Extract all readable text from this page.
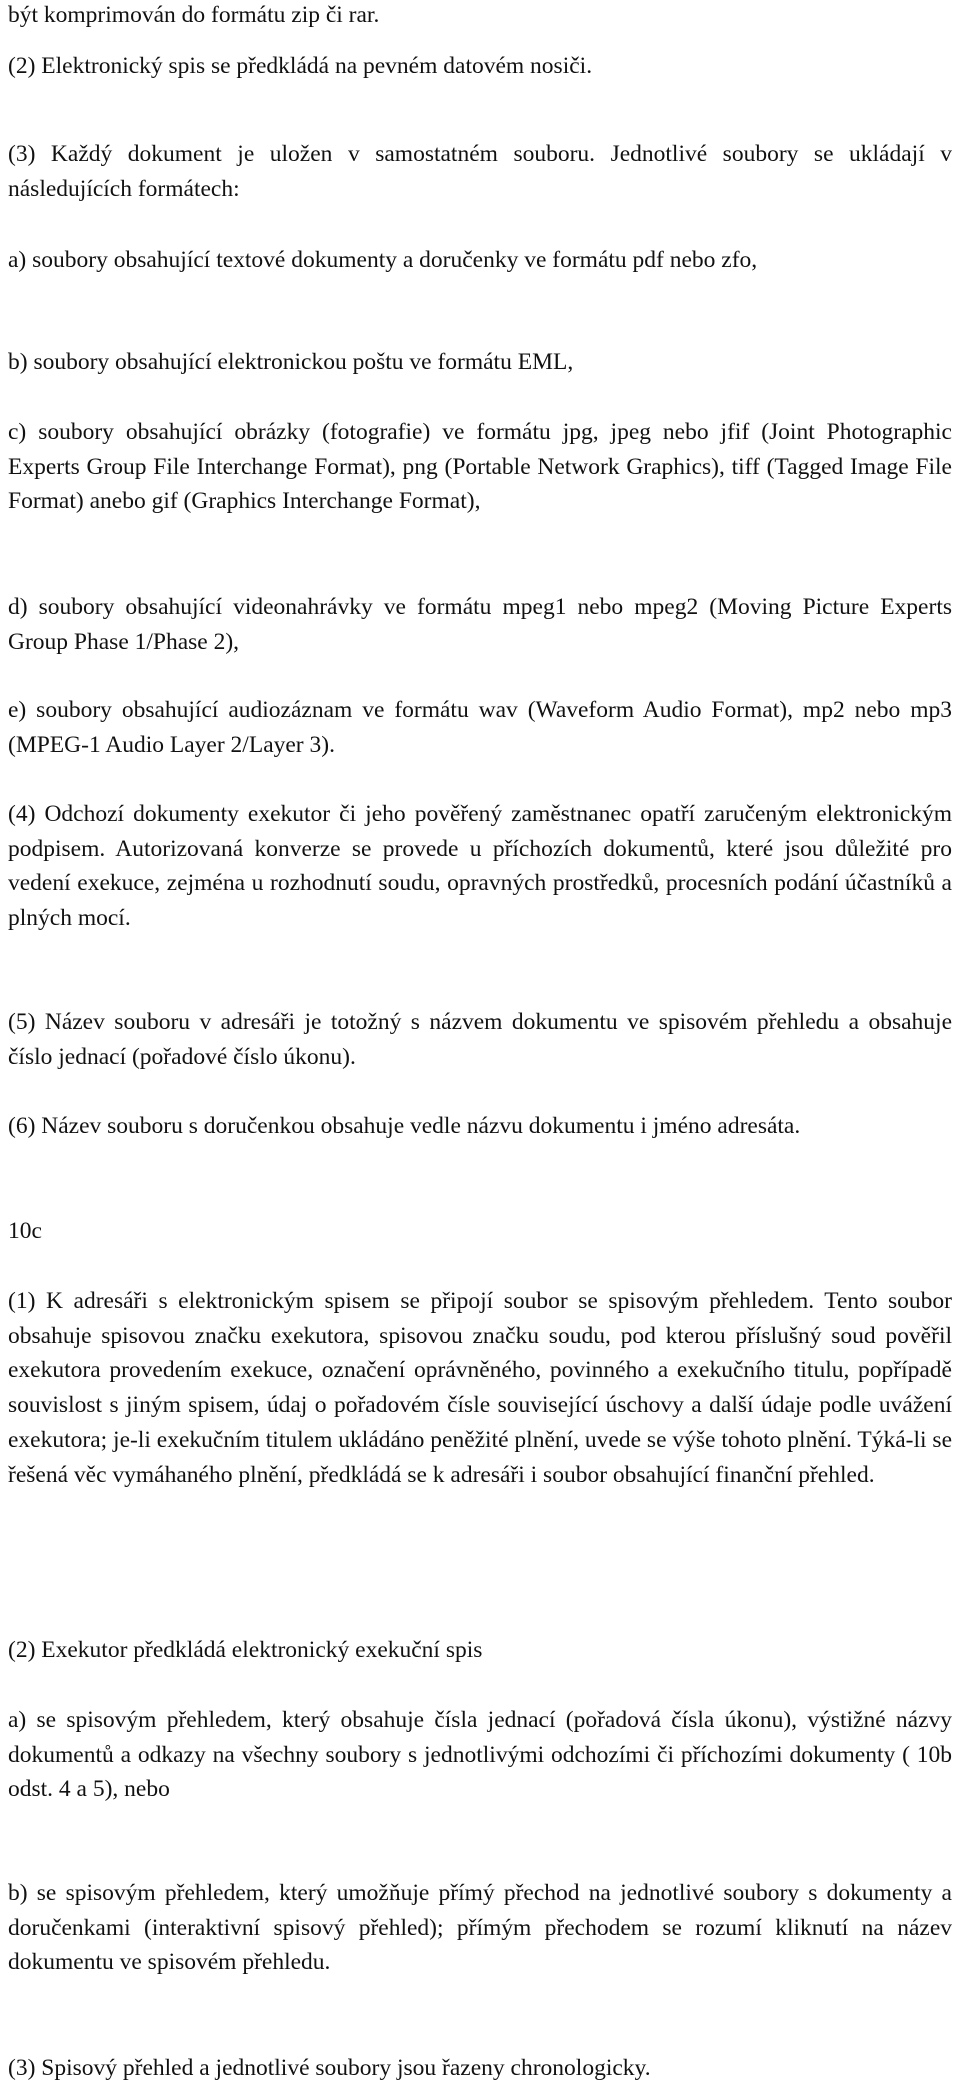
být komprimován do formátu zip či rar.

(2) Elektronický spis se předkládá na pevném datovém nosiči.

(3) Každý dokument je uložen v samostatném souboru. Jednotlivé soubory se ukládají v následujících formátech:

a) soubory obsahující textové dokumenty a doručenky ve formátu pdf nebo zfo,

b) soubory obsahující elektronickou poštu ve formátu EML,

c) soubory obsahující obrázky (fotografie) ve formátu jpg, jpeg nebo jfif (Joint Photographic Experts Group File Interchange Format), png (Portable Network Graphics), tiff (Tagged Image File Format) anebo gif (Graphics Interchange Format),

d) soubory obsahující videonahrávky ve formátu mpeg1 nebo mpeg2 (Moving Picture Experts Group Phase 1/Phase 2),

e) soubory obsahující audiozáznam ve formátu wav (Waveform Audio Format), mp2 nebo mp3 (MPEG-1 Audio Layer 2/Layer 3).

(4) Odchozí dokumenty exekutor či jeho pověřený zaměstnanec opatří zaručeným elektronickým podpisem. Autorizovaná konverze se provede u příchozích dokumentů, které jsou důležité pro vedení exekuce, zejména u rozhodnutí soudu, opravných prostředků, procesních podání účastníků a plných mocí.

(5) Název souboru v adresáři je totožný s názvem dokumentu ve spisovém přehledu a obsahuje číslo jednací (pořadové číslo úkonu).

(6) Název souboru s doručenkou obsahuje vedle názvu dokumentu i jméno adresáta.

10c

(1) K adresáři s elektronickým spisem se připojí soubor se spisovým přehledem. Tento soubor obsahuje spisovou značku exekutora, spisovou značku soudu, pod kterou příslušný soud pověřil exekutora provedením exekuce, označení oprávněného, povinného a exekučního titulu, popřípadě souvislost s jiným spisem, údaj o pořadovém čísle související úschovy a další údaje podle uvážení exekutora; je-li exekučním titulem ukládáno peněžité plnění, uvede se výše tohoto plnění. Týká-li se řešená věc vymáhaného plnění, předkládá se k adresáři i soubor obsahující finanční přehled.

(2) Exekutor předkládá elektronický exekuční spis

a) se spisovým přehledem, který obsahuje čísla jednací (pořadová čísla úkonu), výstižné názvy dokumentů a odkazy na všechny soubory s jednotlivými odchozími či příchozími dokumenty ( 10b odst. 4 a 5), nebo

b) se spisovým přehledem, který umožňuje přímý přechod na jednotlivé soubory s dokumenty a doručenkami (interaktivní spisový přehled); přímým přechodem se rozumí kliknutí na název dokumentu ve spisovém přehledu.

(3) Spisový přehled a jednotlivé soubory jsou řazeny chronologicky.
